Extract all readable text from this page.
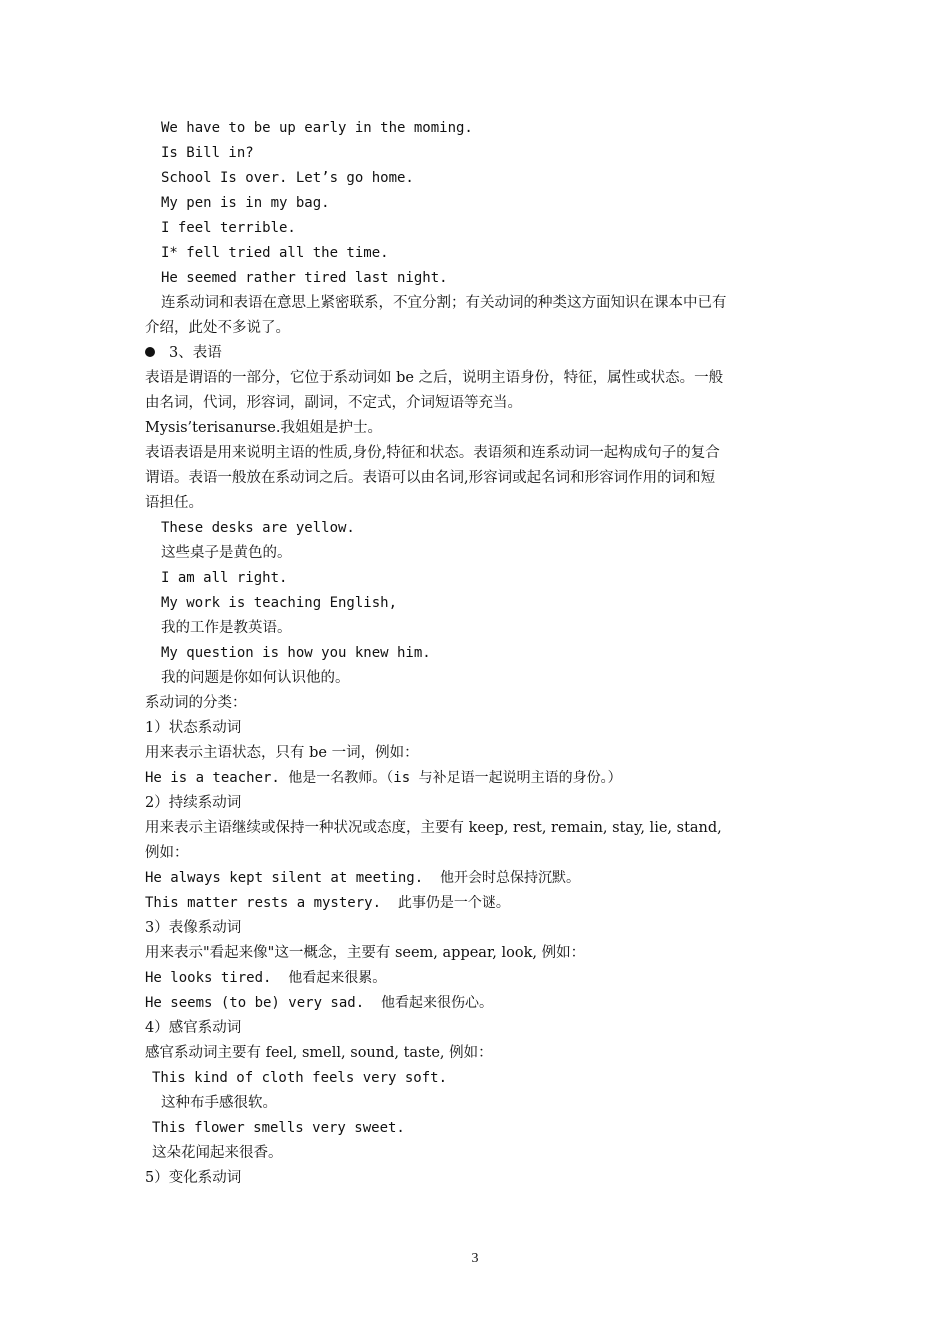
We have to be up early in the moming.
Is Bill in?
School Is over. Let’s go home.
My pen is in my bag.
I feel terrible.
I* fell tried all the time.
He seemed rather tired last night.
连系动词和表语在意思上紧密联系，不宜分割；有关动词的种类这方面知识在课本中已有
介绍，此处不多说了。
3、表语
表语是谓语的一部分，它位于系动词如 be 之后，说明主语身份，特征，属性或状态。一般
由名词，代词，形容词，副词，不定式，介词短语等充当。
Mysis’terisanurse.我姐姐是护士。
表语表语是用来说明主语的性质,身份,特征和状态。表语须和连系动词一起构成句子的复合
谓语。表语一般放在系动词之后。表语可以由名词,形容词或起名词和形容词作用的词和短
语担任。
These desks are yellow.
这些桌子是黄色的。
I am all right.
My work is teaching English,
我的工作是教英语。
My question is how you knew him.
我的问题是你如何认识他的。
系动词的分类：
1）状态系动词
用来表示主语状态，只有 be 一词，例如：
He is a teacher. 他是一名教师。（is 与补足语一起说明主语的身份。）
2）持续系动词
用来表示主语继续或保持一种状况或态度，主要有 keep, rest, remain, stay, lie, stand,
例如：
He always kept silent at meeting.  他开会时总保持沉默。
This matter rests a mystery.  此事仍是一个谜。
3）表像系动词
用来表示"看起来像"这一概念，主要有 seem, appear, look, 例如：
He looks tired.  他看起来很累。
He seems (to be) very sad.  他看起来很伤心。
4）感官系动词
感官系动词主要有 feel, smell, sound, taste, 例如：
This kind of cloth feels very soft.
这种布手感很软。
This flower smells very sweet.
这朵花闻起来很香。
5）变化系动词
3
